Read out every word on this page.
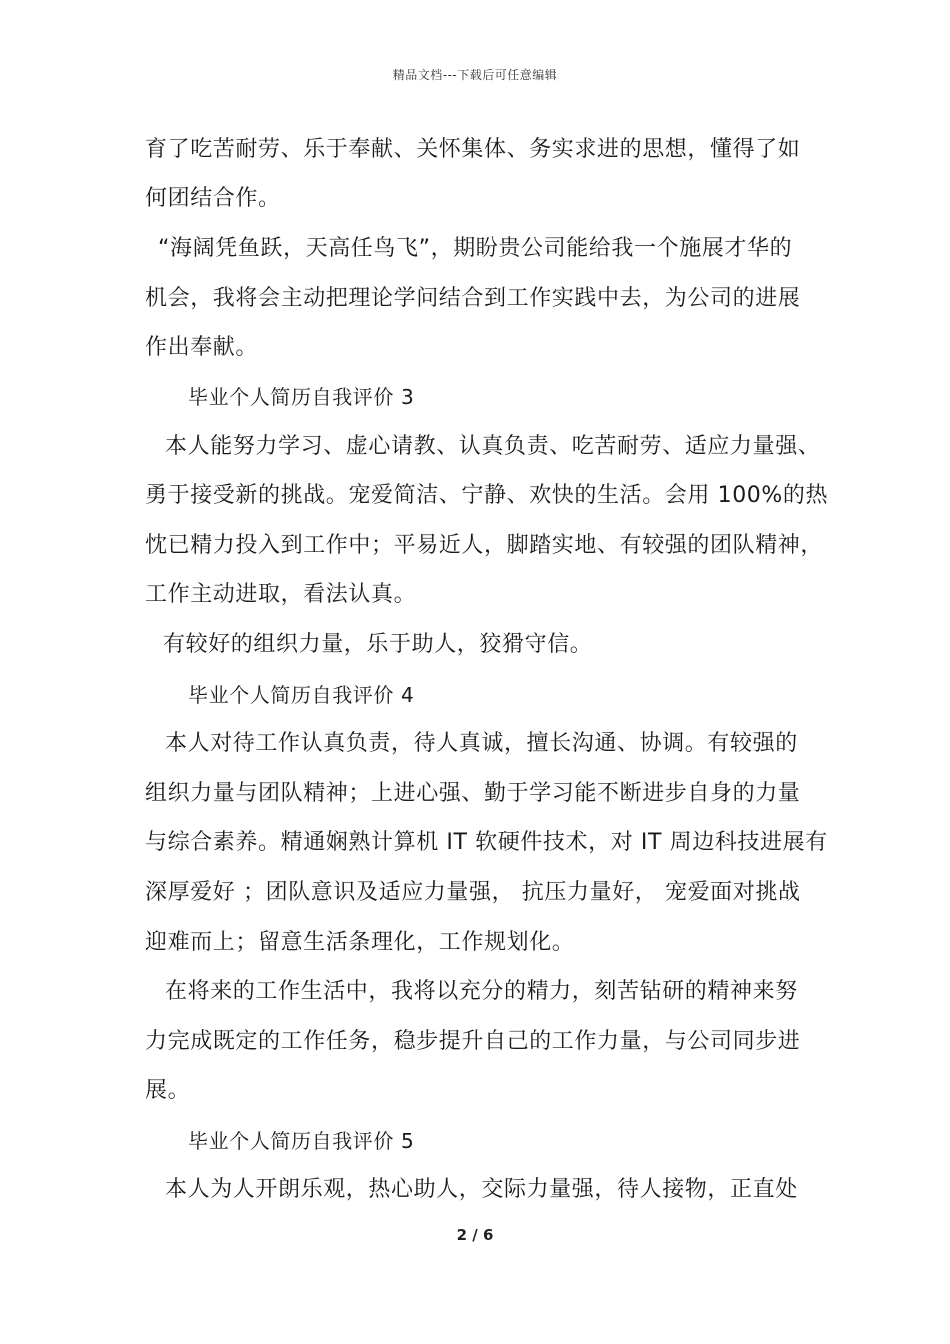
精品文档---下载后可任意编辑
育了吃苦耐劳、乐于奉献、关怀集体、务实求进的思想，懂得了如
何团结合作。
“海阔凭鱼跃，天高任鸟飞”，期盼贵公司能给我一个施展才华的
机会，我将会主动把理论学问结合到工作实践中去，为公司的进展
作出奉献。
毕业个人简历自我评价 3
本人能努力学习、虚心请教、认真负责、吃苦耐劳、适应力量强、
勇于接受新的挑战。宠爱简洁、宁静、欢快的生活。会用 100%的热
忱已精力投入到工作中；平易近人，脚踏实地、有较强的团队精神，
工作主动进取，看法认真。
有较好的组织力量，乐于助人，狡猾守信。
毕业个人简历自我评价 4
本人对待工作认真负责，待人真诚，擅长沟通、协调。有较强的
组织力量与团队精神；上进心强、勤于学习能不断进步自身的力量
与综合素养。精通娴熟计算机 IT 软硬件技术，对 IT 周边科技进展有
深厚爱好 ；团队意识及适应力量强， 抗压力量好， 宠爱面对挑战
迎难而上；留意生活条理化，工作规划化。
在将来的工作生活中，我将以充分的精力，刻苦钻研的精神来努
力完成既定的工作任务，稳步提升自己的工作力量，与公司同步进
展。
毕业个人简历自我评价 5
本人为人开朗乐观，热心助人，交际力量强，待人接物，正直处
2 / 6
